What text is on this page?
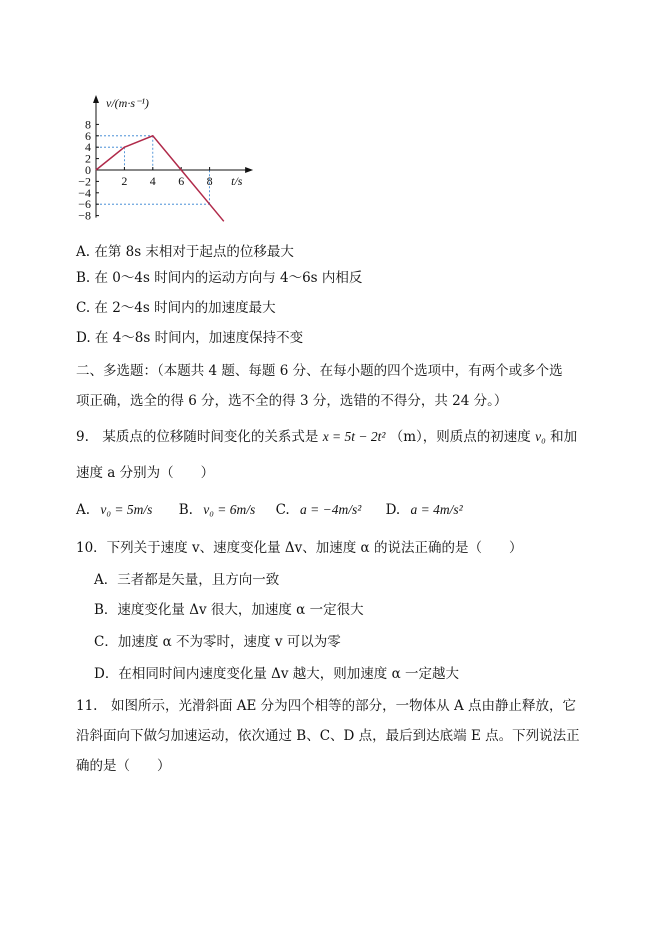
v/(m·s⁻¹)
t/s
8
6
4
2
0
−2
−4
−6
−8
2 4 6 8
A. 在第 8s 末相对于起点的位移最大
B. 在 0～4s 时间内的运动方向与 4～6s 内相反
C. 在 2～4s 时间内的加速度最大
D. 在 4～8s 时间内，加速度保持不变
二、多选题：（本题共 4 题、每题 6 分、在每小题的四个选项中，有两个或多个选
项正确，选全的得 6 分，选不全的得 3 分，选错的不得分，共 24 分。）
9.　某质点的位移随时间变化的关系式是 x = 5t − 2t² （m），则质点的初速度 v₀ 和加
速度 a 分别为（　　）
A. v₀ = 5m/s B. v₀ = 6m/s C. a = −4m/s² D. a = 4m/s²
10．下列关于速度 v、速度变化量 Δv、加速度 α 的说法正确的是（　　）
A．三者都是矢量，且方向一致
B．速度变化量 Δv 很大，加速度 α 一定很大
C．加速度 α 不为零时，速度 v 可以为零
D．在相同时间内速度变化量 Δv 越大，则加速度 α 一定越大
11.　如图所示，光滑斜面 AE 分为四个相等的部分，一物体从 A 点由静止释放，它
沿斜面向下做匀加速运动，依次通过 B、C、D 点，最后到达底端 E 点。下列说法正
确的是（　　）
